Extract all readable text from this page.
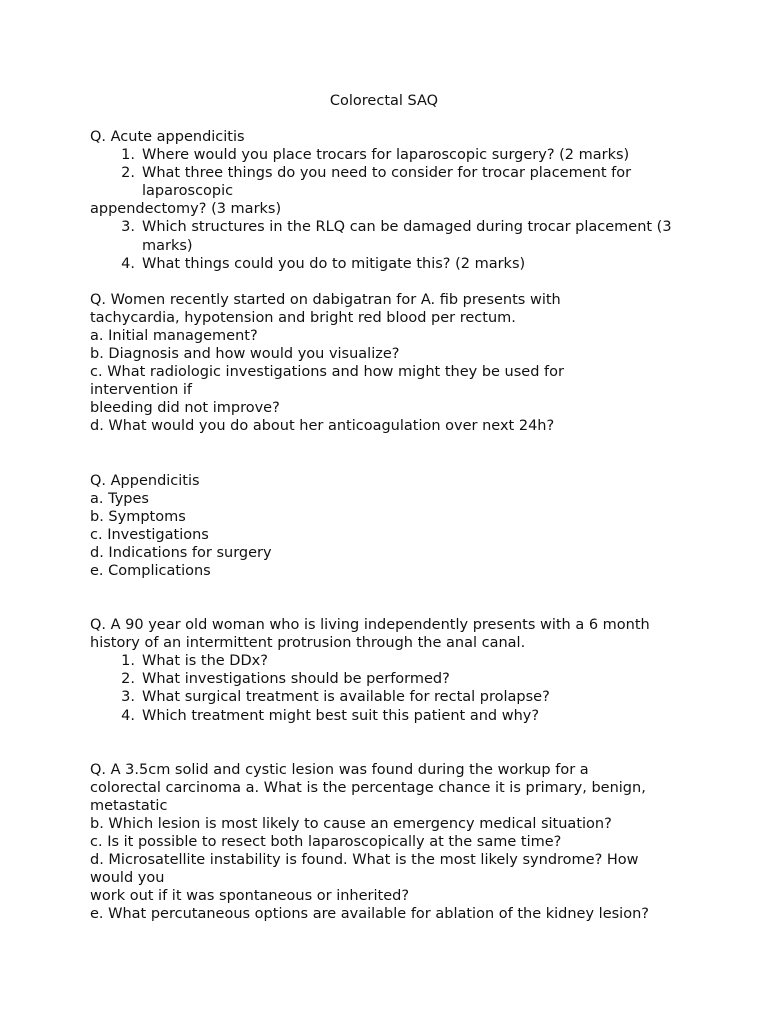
Colorectal SAQ
Q. Acute appendicitis
1. Where would you place trocars for laparoscopic surgery? (2 marks)
2. What three things do you need to consider for trocar placement for laparoscopic
appendectomy? (3 marks)
3. Which structures in the RLQ can be damaged during trocar placement (3 marks)
4. What things could you do to mitigate this? (2 marks)
Q. Women recently started on dabigatran for A. fib presents with
tachycardia, hypotension and bright red blood per rectum.
a. Initial management?
b. Diagnosis and how would you visualize?
c. What radiologic investigations and how might they be used for
intervention if
bleeding did not improve?
d. What would you do about her anticoagulation over next 24h?
Q. Appendicitis
a. Types
b. Symptoms
c. Investigations
d. Indications for surgery
e. Complications
Q. A 90 year old woman who is living independently presents with a 6 month
history of an intermittent protrusion through the anal canal.
1. What is the DDx?
2. What investigations should be performed?
3. What surgical treatment is available for rectal prolapse?
4. Which treatment might best suit this patient and why?
Q. A 3.5cm solid and cystic lesion was found during the workup for a
colorectal carcinoma a. What is the percentage chance it is primary, benign,
metastatic
b. Which lesion is most likely to cause an emergency medical situation?
c. Is it possible to resect both laparoscopically at the same time?
d. Microsatellite instability is found. What is the most likely syndrome? How
would you
work out if it was spontaneous or inherited?
e. What percutaneous options are available for ablation of the kidney lesion?
